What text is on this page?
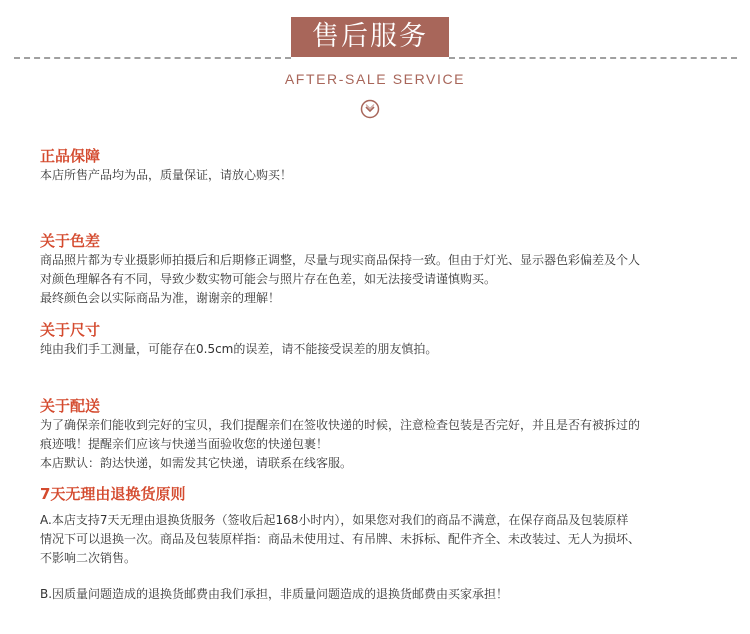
售后服务
AFTER-SALE SERVICE
正品保障

本店所售产品均为品，质量保证，请放心购买！

关于色差

商品照片都为专业摄影师拍摄后和后期修正调整，尽量与现实商品保持一致。但由于灯光、显示器色彩偏差及个人
对颜色理解各有不同，导致少数实物可能会与照片存在色差，如无法接受请谨慎购买。
最终颜色会以实际商品为准，谢谢亲的理解！

关于尺寸

纯由我们手工测量，可能存在0.5cm的误差，请不能接受误差的朋友慎拍。

关于配送

为了确保亲们能收到完好的宝贝，我们提醒亲们在签收快递的时候，注意检查包装是否完好，并且是否有被拆过的
痕迹哦！提醒亲们应该与快递当面验收您的快递包裹！
本店默认：韵达快递，如需发其它快递，请联系在线客服。

7天无理由退换货原则

A.本店支持7天无理由退换货服务（签收后起168小时内），如果您对我们的商品不满意，在保存商品及包装原样
情况下可以退换一次。商品及包装原样指：商品未使用过、有吊牌、未拆标、配件齐全、未改装过、无人为损坏、
不影响二次销售。

B.因质量问题造成的退换货邮费由我们承担，非质量问题造成的退换货邮费由买家承担！
